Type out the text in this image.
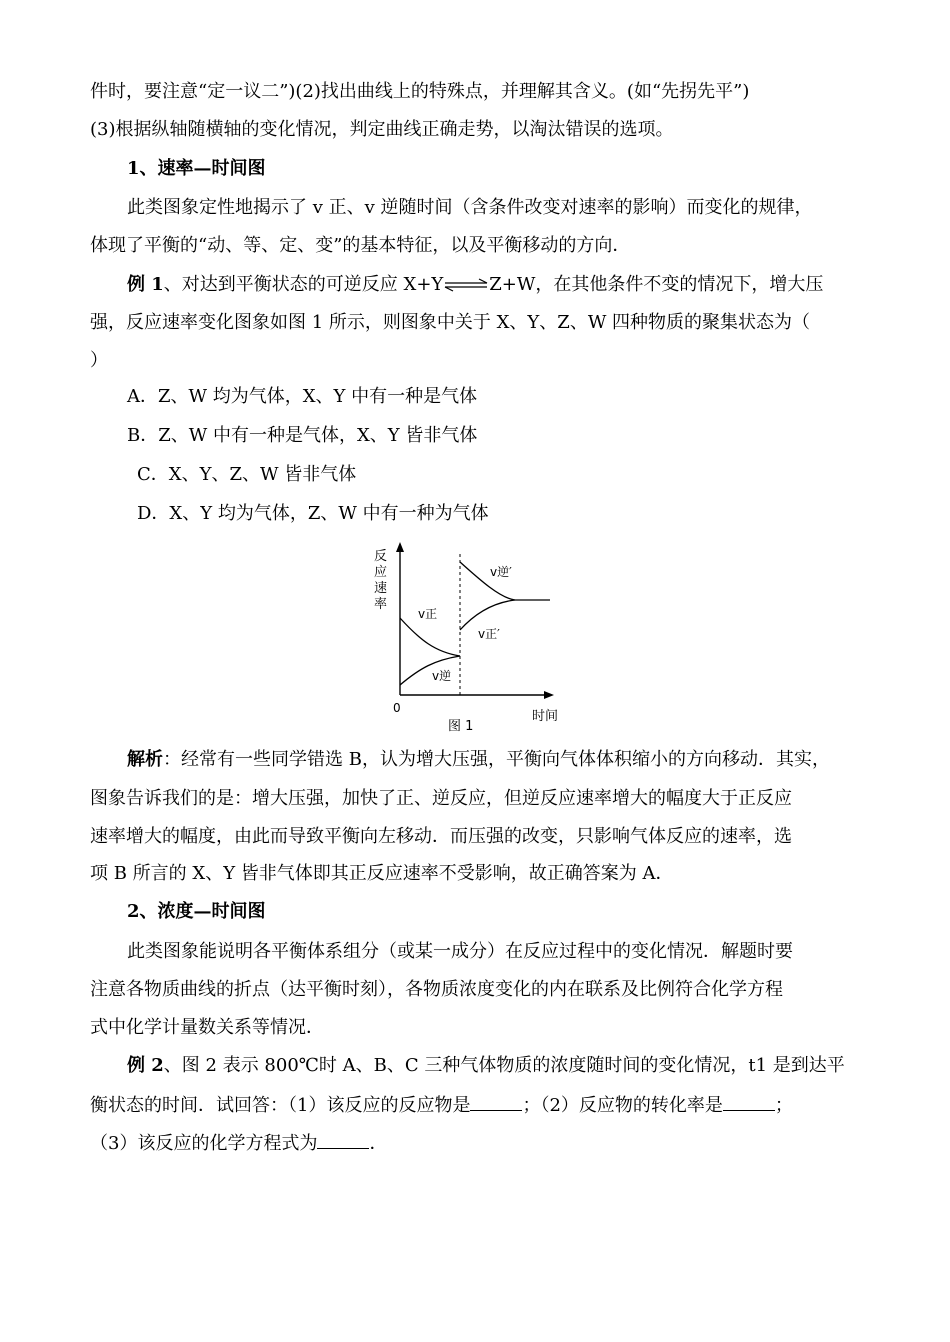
件时，要注意“定一议二”)(2)找出曲线上的特殊点，并理解其含义。(如“先拐先平”)
(3)根据纵轴随横轴的变化情况，判定曲线正确走势，以淘汰错误的选项。
1、速率—时间图
此类图象定性地揭示了 v 正、v 逆随时间（含条件改变对速率的影响）而变化的规律，
体现了平衡的“动、等、定、变”的基本特征，以及平衡移动的方向．
例 1、对达到平衡状态的可逆反应 X+Y⇌Z+W，在其他条件不变的情况下，增大压
强，反应速率变化图象如图 1 所示，则图象中关于 X、Y、Z、W 四种物质的聚集状态为（
）
A．Z、W 均为气体，X、Y 中有一种是气体
B．Z、W 中有一种是气体，X、Y 皆非气体
C．X、Y、Z、W 皆非气体
D．X、Y 均为气体，Z、W 中有一种为气体
反
应
速
率
0
时间
图 1
v正
v逆
v逆′
v正′
解析：经常有一些同学错选 B，认为增大压强，平衡向气体体积缩小的方向移动．其实，
图象告诉我们的是：增大压强，加快了正、逆反应，但逆反应速率增大的幅度大于正反应
速率增大的幅度，由此而导致平衡向左移动．而压强的改变，只影响气体反应的速率，选
项 B 所言的 X、Y 皆非气体即其正反应速率不受影响，故正确答案为 A．
2、浓度—时间图
此类图象能说明各平衡体系组分（或某一成分）在反应过程中的变化情况．解题时要
注意各物质曲线的折点（达平衡时刻），各物质浓度变化的内在联系及比例符合化学方程
式中化学计量数关系等情况．
例 2、图 2 表示 800℃时 A、B、C 三种气体物质的浓度随时间的变化情况，t1 是到达平
衡状态的时间．试回答：（1）该反应的反应物是	；（2）反应物的转化率是	；
（3）该反应的化学方程式为	．
